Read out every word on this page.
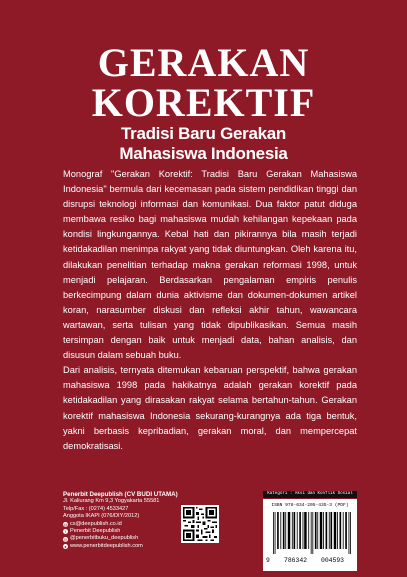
GERAKAN
KOREKTIF
Tradisi Baru Gerakan
Mahasiswa Indonesia

Monograf "Gerakan Korektif: Tradisi Baru Gerakan Mahasiswa Indonesia" bermula dari kecemasan pada sistem pendidikan tinggi dan disrupsi teknologi informasi dan komunikasi. Dua faktor patut diduga membawa resiko bagi mahasiswa mudah kehilangan kepekaan pada kondisi lingkungannya. Kebal hati dan pikirannya bila masih terjadi ketidakadilan menimpa rakyat yang tidak diuntungkan. Oleh karena itu, dilakukan penelitian terhadap makna gerakan reformasi 1998, untuk menjadi pelajaran. Berdasarkan pengalaman empiris penulis berkecimpung dalam dunia aktivisme dan dokumen-dokumen artikel koran, narasumber diskusi dan refleksi akhir tahun, wawancara wartawan, serta tulisan yang tidak dipublikasikan. Semua masih tersimpan dengan baik untuk menjadi data, bahan analisis, dan disusun dalam sebuah buku.

Dari analisis, ternyata ditemukan kebaruan perspektif, bahwa gerakan mahasiswa 1998 pada hakikatnya adalah gerakan korektif pada ketidakadilan yang dirasakan rakyat selama bertahun-tahun. Gerakan korektif mahasiswa Indonesia sekurang-kurangnya ada tiga bentuk, yakni berbasis kepribadian, gerakan moral, dan mempercepat demokratisasi.

Penerbit Deepublish (CV BUDI UTAMA)
Jl. Kaliurang Km 9,3 Yogyakarta 55581
Telp/Fax : (0274) 4533427
Anggota IKAPI (076/DIY/2012)
@ cs@deepublish.co.id
f Penerbit Deepublish
◎ @penerbitbuku_deepublish
● www.penerbitdeepublish.com
Kategori : Aksi dan Konflik Sosial
ISBN 978-634-205-435-3 (PDF)
9 786342 004593
